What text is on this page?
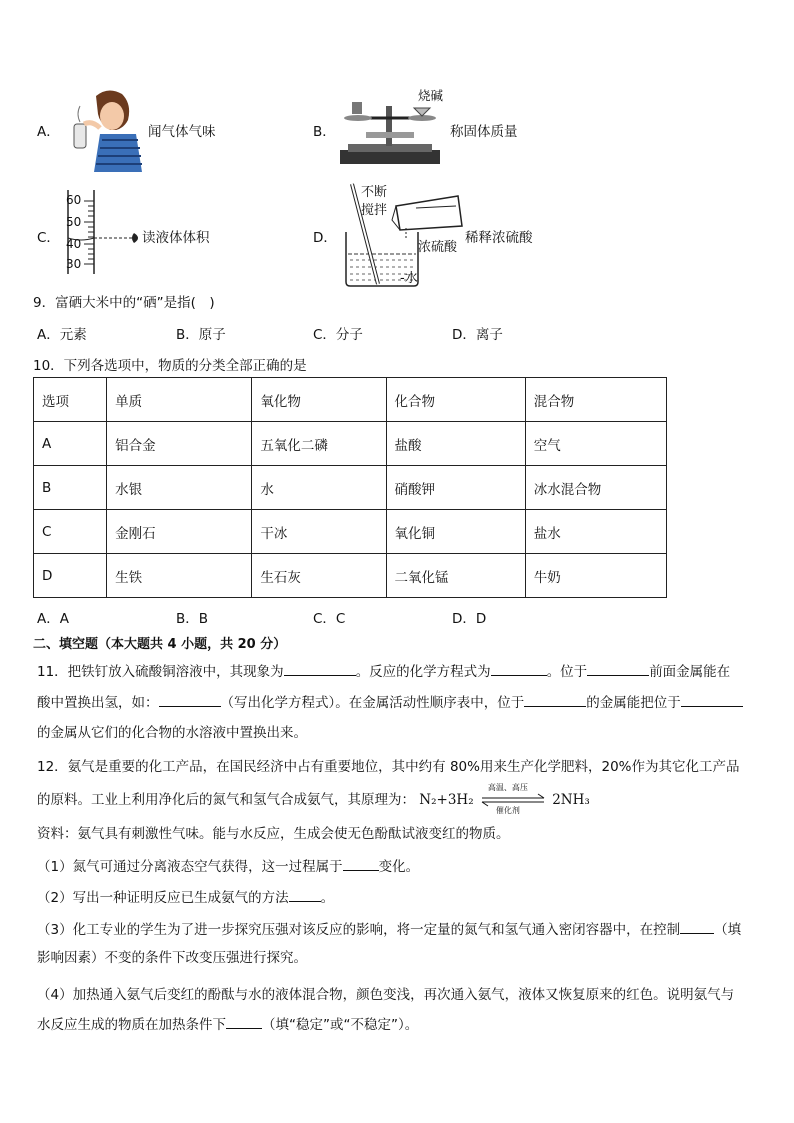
A．	闻气体气味	B．
烧碱
称固体质量
C．
60
50
40
30
读液体体积	D．
不断
搅拌
浓硫酸
-水
稀释浓硫酸
9．富硒大米中的“硒”是指(　)
A．元素	B．原子	C．分子	D．离子
10．下列各选项中，物质的分类全部正确的是
选项	单质	氧化物	化合物	混合物
A	铝合金	五氧化二磷	盐酸	空气
B	水银	水	硝酸钾	冰水混合物
C	金刚石	干冰	氧化铜	盐水
D	生铁	生石灰	二氧化锰	牛奶
A．A	B．B	C．C	D．D
二、填空题（本大题共 4 小题，共 20 分）
11．把铁钉放入硫酸铜溶液中，其现象为	。反应的化学方程式为	。位于	前面金属能在
酸中置换出氢，如：	（写出化学方程式）。在金属活动性顺序表中，位于	的金属能把位于
的金属从它们的化合物的水溶液中置换出来。
12．氨气是重要的化工产品，在国民经济中占有重要地位，其中约有 80%用来生产化学肥料，20%作为其它化工产品
的原料。工业上利用净化后的氮气和氢气合成氨气，其原理为： N₂+3H₂
高温、高压
催化剂
2NH₃
资料：氨气具有刺激性气味。能与水反应，生成会使无色酚酞试液变红的物质。
（1）氮气可通过分离液态空气获得，这一过程属于	变化。
（2）写出一种证明反应已生成氨气的方法 。
（3）化工专业的学生为了进一步探究压强对该反应的影响，将一定量的氮气和氢气通入密闭容器中，在控制	（填
影响因素）不变的条件下改变压强进行探究。
（4）加热通入氨气后变红的酚酞与水的液体混合物，颜色变浅，再次通入氨气，液体又恢复原来的红色。说明氨气与
水反应生成的物质在加热条件下	（填“稳定”或“不稳定”）。
